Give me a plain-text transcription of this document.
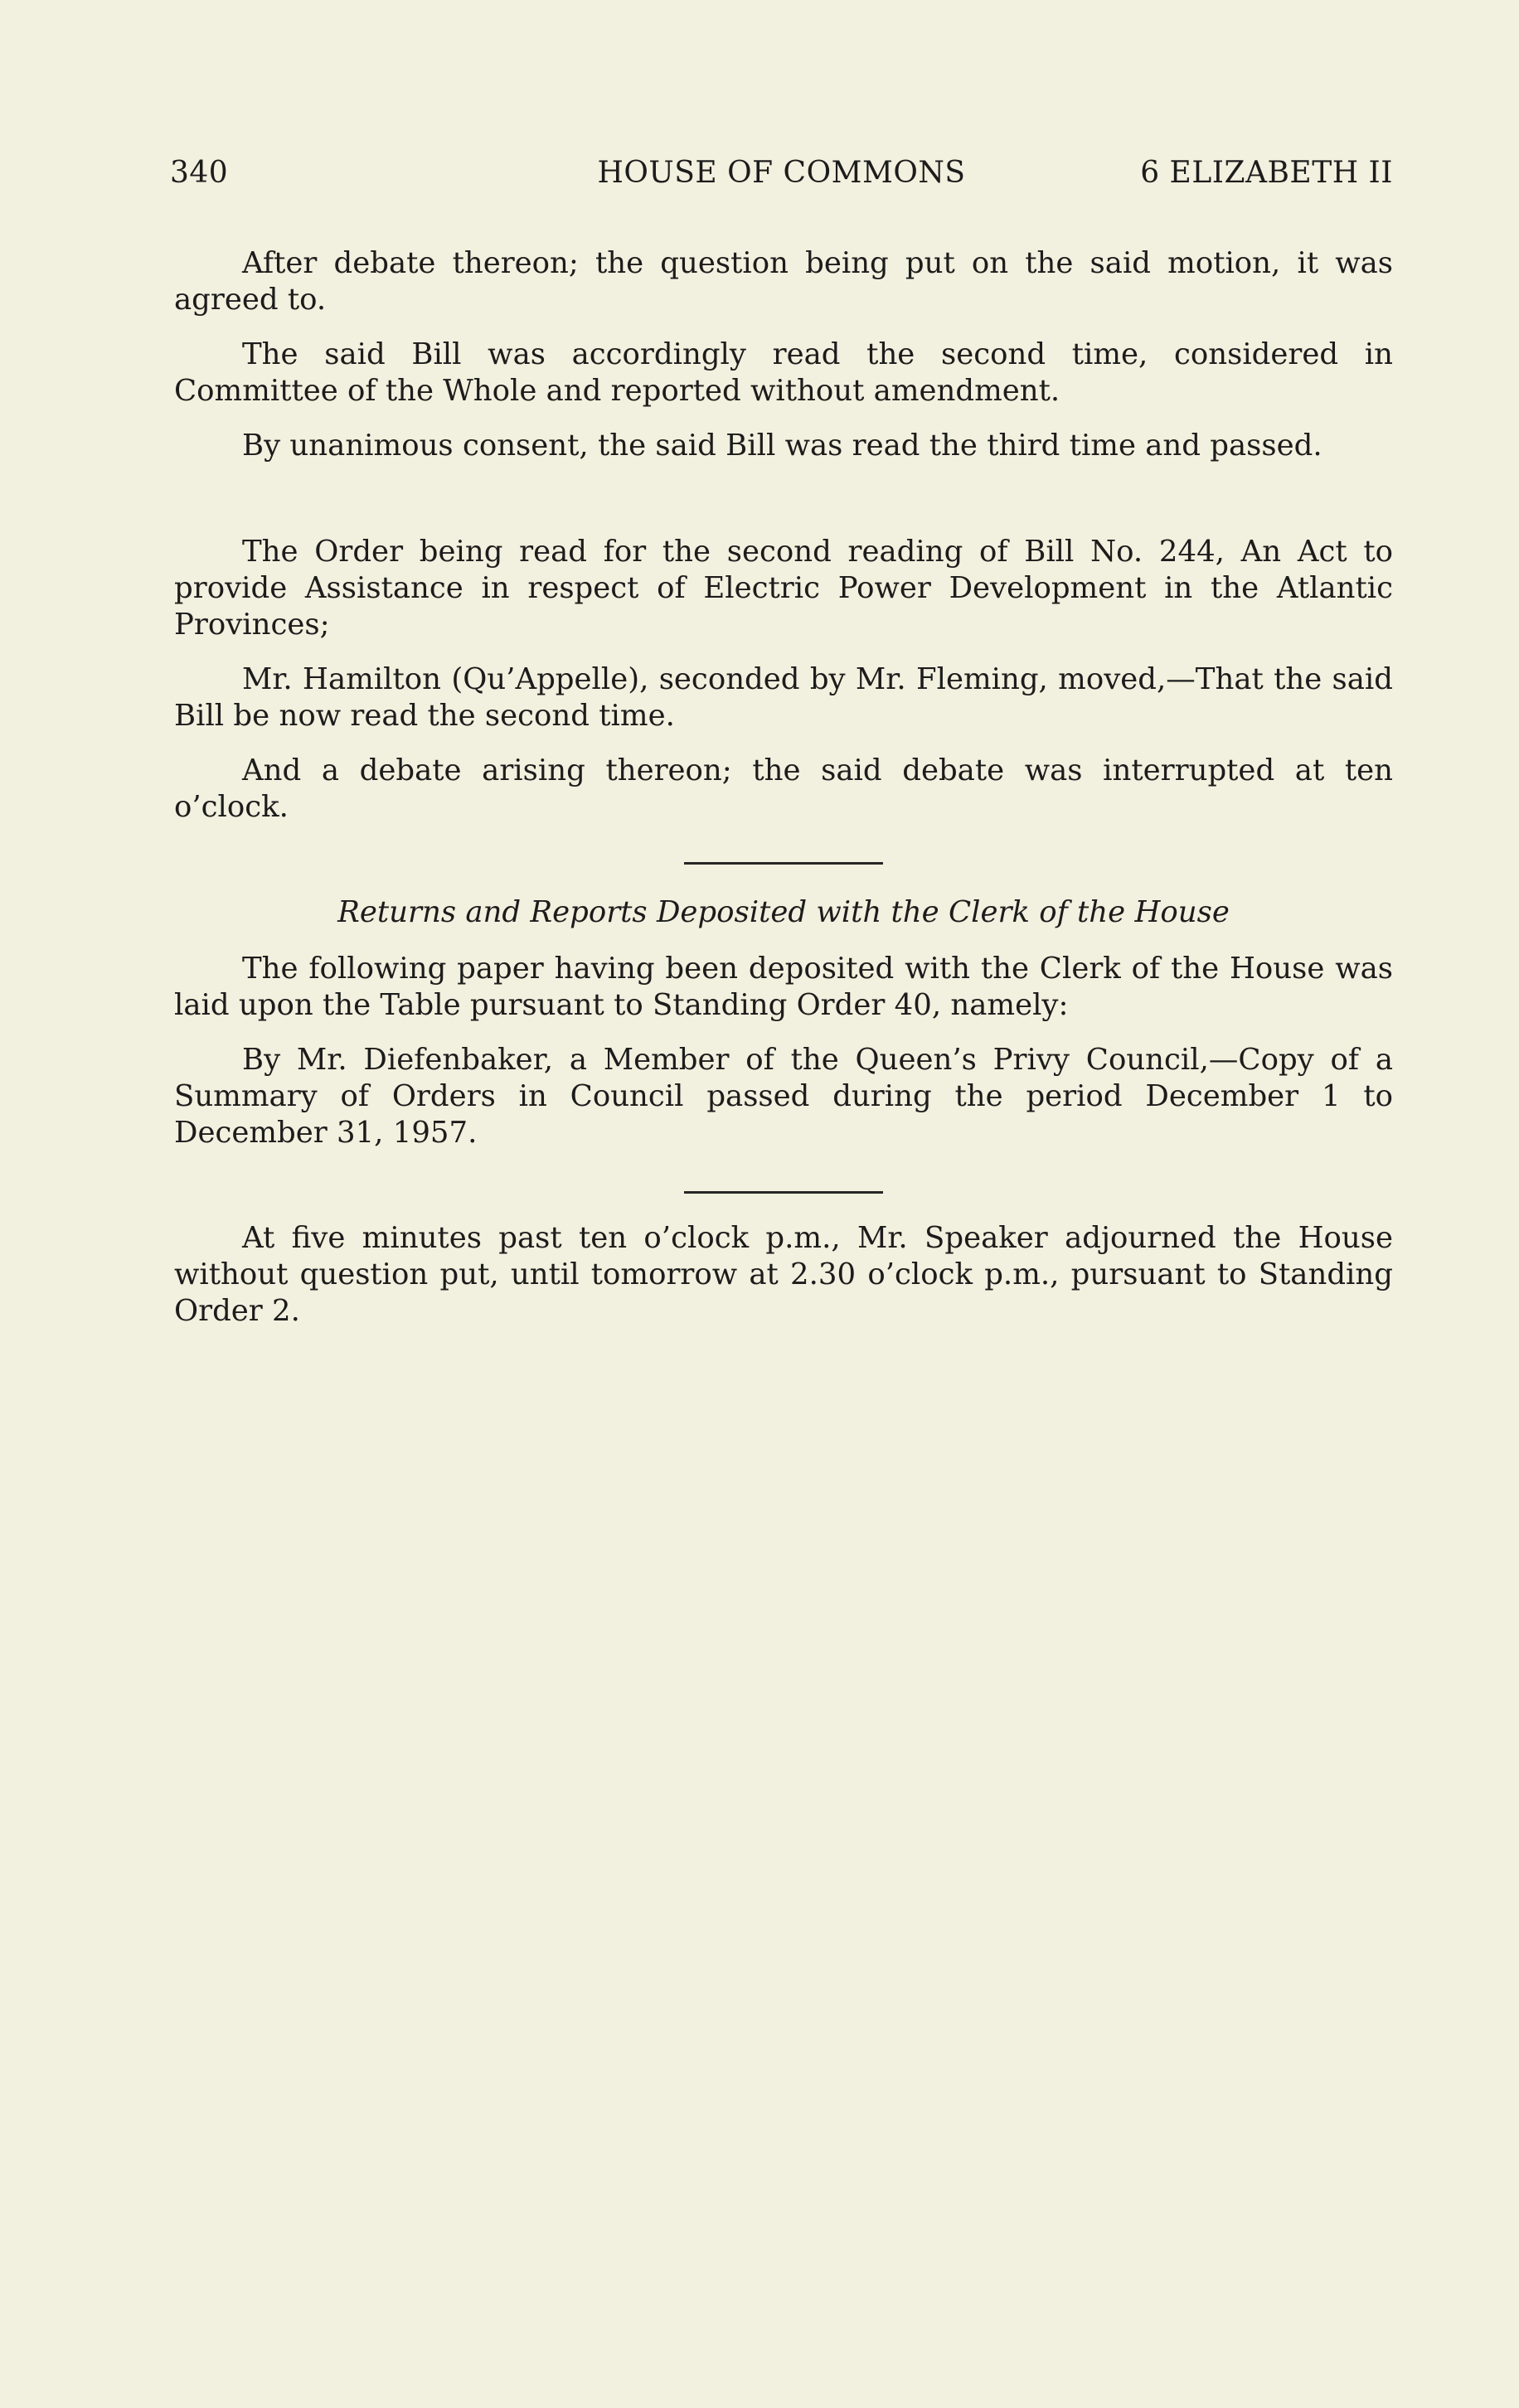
340	HOUSE OF COMMONS	6 ELIZABETH II

After debate thereon; the question being put on the said motion, it was agreed to.

The said Bill was accordingly read the second time, considered in Committee of the Whole and reported without amendment.

By unanimous consent, the said Bill was read the third time and passed.

The Order being read for the second reading of Bill No. 244, An Act to provide Assistance in respect of Electric Power Development in the Atlantic Provinces;

Mr. Hamilton (Qu’Appelle), seconded by Mr. Fleming, moved,—That the said Bill be now read the second time.

And a debate arising thereon; the said debate was interrupted at ten o’clock.

Returns and Reports Deposited with the Clerk of the House

The following paper having been deposited with the Clerk of the House was laid upon the Table pursuant to Standing Order 40, namely:

By Mr. Diefenbaker, a Member of the Queen’s Privy Council,—Copy of a Summary of Orders in Council passed during the period December 1 to December 31, 1957.

At five minutes past ten o’clock p.m., Mr. Speaker adjourned the House without question put, until tomorrow at 2.30 o’clock p.m., pursuant to Standing Order 2.
